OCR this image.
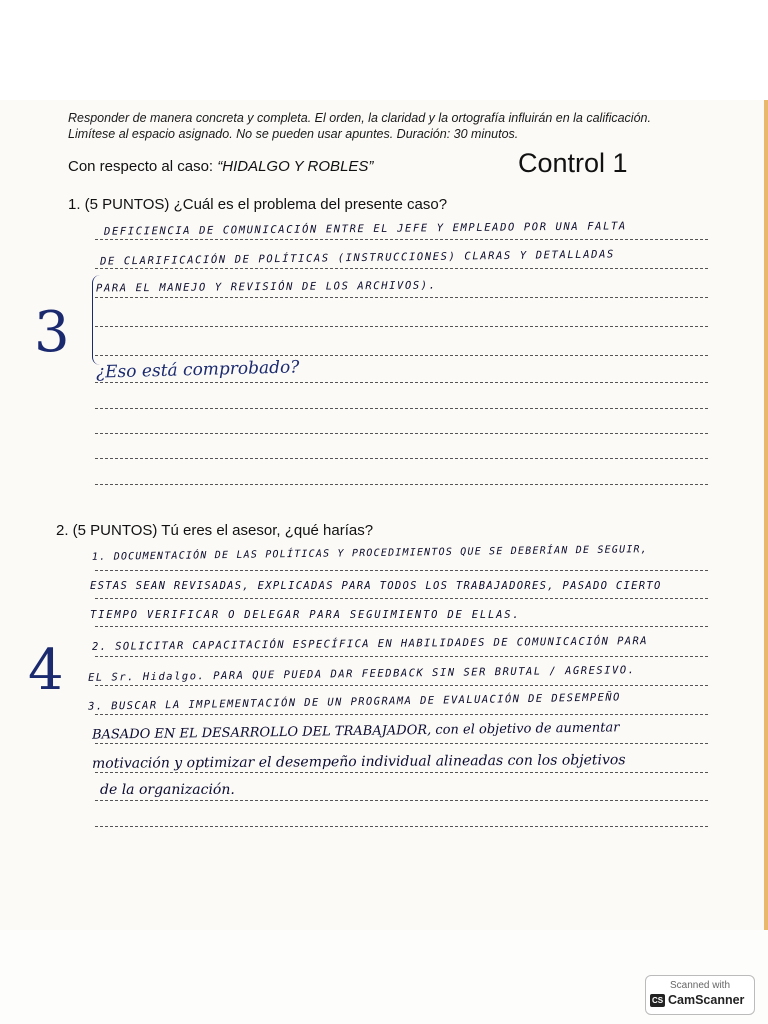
Responder de manera concreta y completa. El orden, la claridad y la ortografía influirán en la calificación.
Limítese al espacio asignado. No se pueden usar apuntes. Duración: 30 minutos.
Con respecto al caso: “HIDALGO Y ROBLES”	Control 1
1. (5 PUNTOS) ¿Cuál es el problema del presente caso?
DEFICIENCIA DE COMUNICACIÓN ENTRE EL JEFE Y EMPLEADO POR UNA FALTA
DE CLARIFICACIÓN DE POLÍTICAS (INSTRUCCIONES) CLARAS Y DETALLADAS
PARA EL MANEJO Y REVISIÓN DE LOS ARCHIVOS).
3
¿Eso está comprobado?
2. (5 PUNTOS) Tú eres el asesor, ¿qué harías?
4
1. DOCUMENTACIÓN DE LAS POLÍTICAS Y PROCEDIMIENTOS QUE SE DEBERÍAN DE SEGUIR,
ESTAS SEAN REVISADAS, EXPLICADAS PARA TODOS LOS TRABAJADORES, PASADO CIERTO
TIEMPO VERIFICAR O DELEGAR PARA SEGUIMIENTO DE ELLAS.
2. SOLICITAR CAPACITACIÓN ESPECÍFICA EN HABILIDADES DE COMUNICACIÓN PARA
EL Sr. Hidalgo. PARA QUE PUEDA DAR FEEDBACK SIN SER BRUTAL / AGRESIVO.
3. BUSCAR LA IMPLEMENTACIÓN DE UN PROGRAMA DE EVALUACIÓN DE DESEMPEÑO
BASADO EN EL DESARROLLO DEL TRABAJADOR, con el objetivo de aumentar
motivación y optimizar el desempeño individual alineadas con los objetivos
de la organización.
Scanned with
CS CamScanner
